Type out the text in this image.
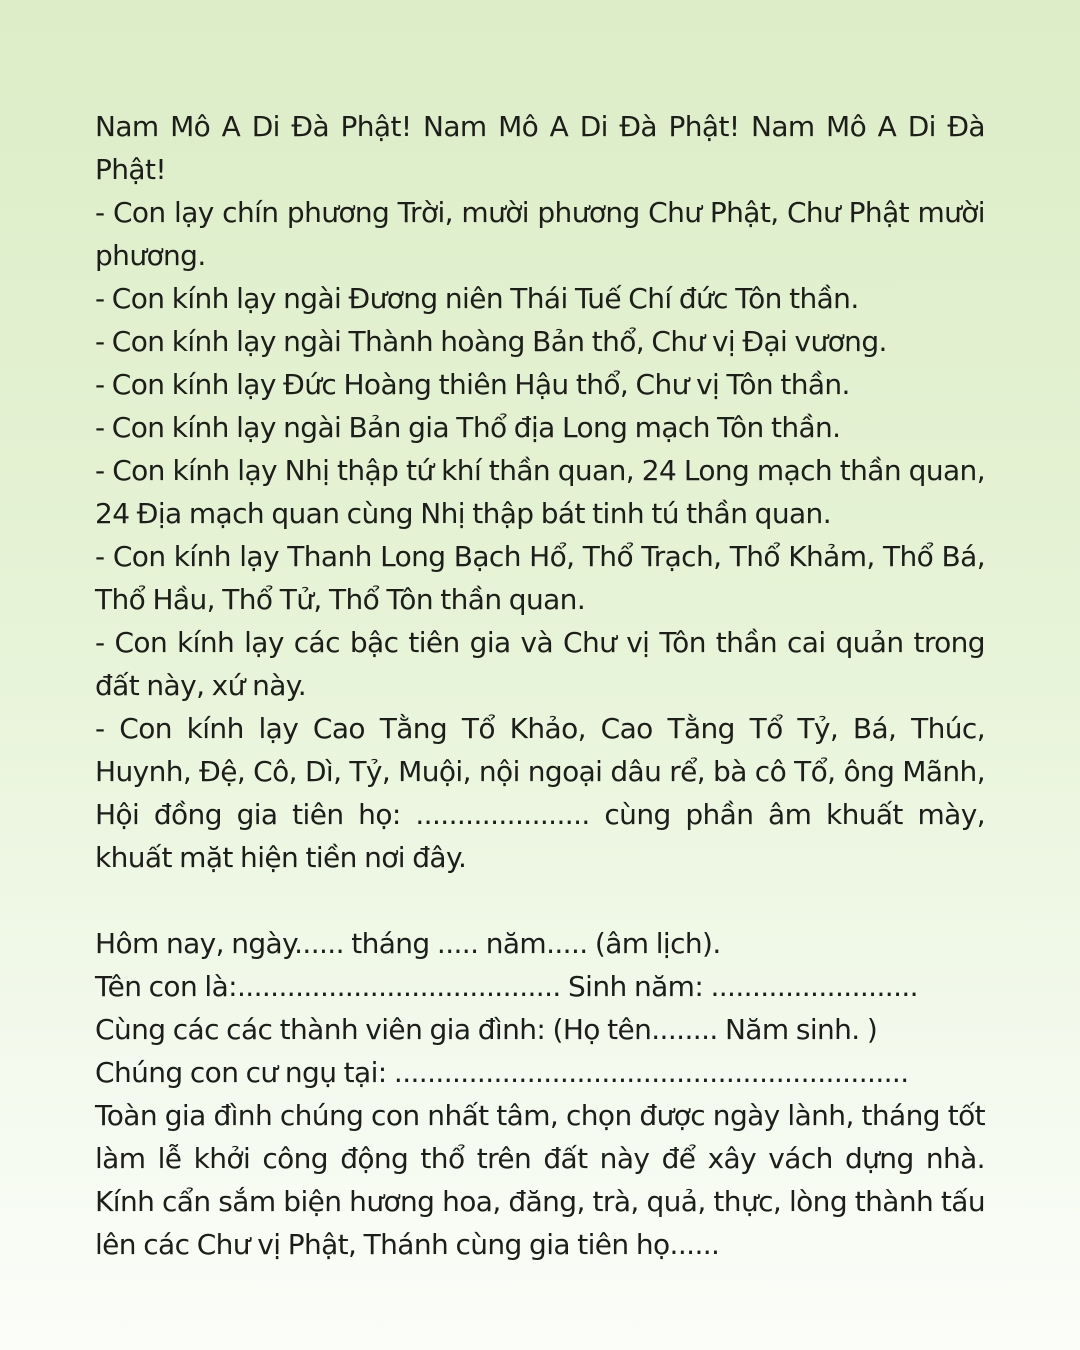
Nam Mô A Di Đà Phật! Nam Mô A Di Đà Phật! Nam Mô A Di Đà Phật!

- Con lạy chín phương Trời, mười phương Chư Phật, Chư Phật mười phương.

- Con kính lạy ngài Đương niên Thái Tuế Chí đức Tôn thần.

- Con kính lạy ngài Thành hoàng Bản thổ, Chư vị Đại vương.

- Con kính lạy Đức Hoàng thiên Hậu thổ, Chư vị Tôn thần.

- Con kính lạy ngài Bản gia Thổ địa Long mạch Tôn thần.

- Con kính lạy Nhị thập tứ khí thần quan, 24 Long mạch thần quan, 24 Địa mạch quan cùng Nhị thập bát tinh tú thần quan.

- Con kính lạy Thanh Long Bạch Hổ, Thổ Trạch, Thổ Khảm, Thổ Bá, Thổ Hầu, Thổ Tử, Thổ Tôn thần quan.

- Con kính lạy các bậc tiên gia và Chư vị Tôn thần cai quản trong đất này, xứ này.

- Con kính lạy Cao Tằng Tổ Khảo, Cao Tằng Tổ Tỷ, Bá, Thúc, Huynh, Đệ, Cô, Dì, Tỷ, Muội, nội ngoại dâu rể, bà cô Tổ, ông Mãnh, Hội đồng gia tiên họ: ..................... cùng phần âm khuất mày, khuất mặt hiện tiền nơi đây.

Hôm nay, ngày...... tháng ..... năm..... (âm lịch).

Tên con là:....................................... Sinh năm: .........................

Cùng các các thành viên gia đình: (Họ tên........ Năm sinh. )

Chúng con cư ngụ tại: ..............................................................

Toàn gia đình chúng con nhất tâm, chọn được ngày lành, tháng tốt làm lễ khởi công động thổ trên đất này để xây vách dựng nhà. Kính cẩn sắm biện hương hoa, đăng, trà, quả, thực, lòng thành tấu lên các Chư vị Phật, Thánh cùng gia tiên họ......
